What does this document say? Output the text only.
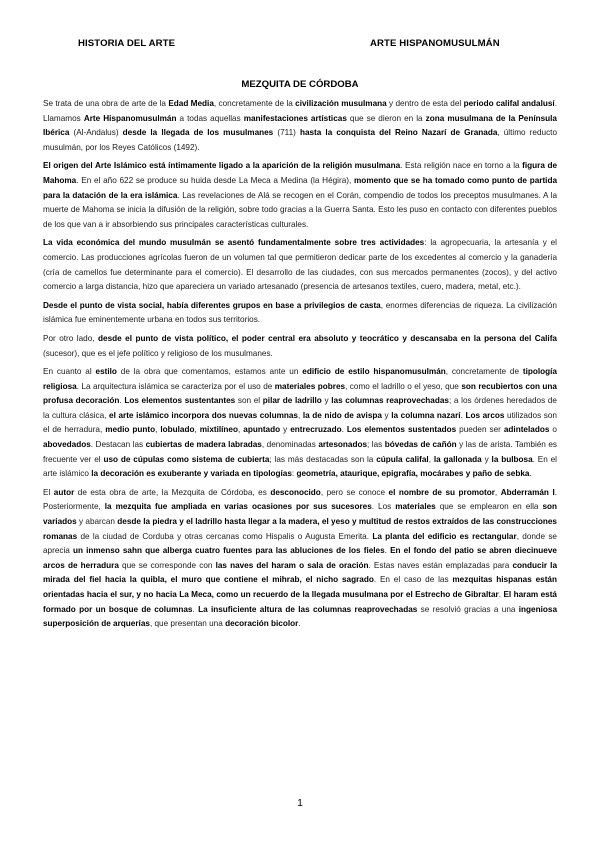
HISTORIA DEL ARTE	ARTE HISPANOMUSULMÁN
MEZQUITA DE CÓRDOBA

Se trata de una obra de arte de la Edad Media, concretamente de la civilización musulmana y dentro de esta del periodo califal andalusí. Llamamos Arte Hispanomusulmán a todas aquellas manifestaciones artísticas que se dieron en la zona musulmana de la Península Ibérica (Al-Andalus) desde la llegada de los musulmanes (711) hasta la conquista del Reino Nazarí de Granada, último reducto musulmán, por los Reyes Católicos (1492).

El origen del Arte Islámico está íntimamente ligado a la aparición de la religión musulmana. Esta religión nace en torno a la figura de Mahoma. En el año 622 se produce su huida desde La Meca a Medina (la Hégira), momento que se ha tomado como punto de partida para la datación de la era islámica. Las revelaciones de Alá se recogen en el Corán, compendio de todos los preceptos musulmanes. A la muerte de Mahoma se inicia la difusión de la religión, sobre todo gracias a la Guerra Santa. Esto les puso en contacto con diferentes pueblos de los que van a ir absorbiendo sus principales características culturales.

La vida económica del mundo musulmán se asentó fundamentalmente sobre tres actividades: la agropecuaria, la artesanía y el comercio. Las producciones agrícolas fueron de un volumen tal que permitieron dedicar parte de los excedentes al comercio y la ganadería (cría de camellos fue determinante para el comercio). El desarrollo de las ciudades, con sus mercados permanentes (zocos), y del activo comercio a larga distancia, hizo que apareciera un variado artesanado (presencia de artesanos textiles, cuero, madera, metal, etc.).

Desde el punto de vista social, había diferentes grupos en base a privilegios de casta, enormes diferencias de riqueza. La civilización islámica fue eminentemente urbana en todos sus territorios.

Por otro lado, desde el punto de vista político, el poder central era absoluto y teocrático y descansaba en la persona del Califa (sucesor), que es el jefe político y religioso de los musulmanes.

En cuanto al estilo de la obra que comentamos, estamos ante un edificio de estilo hispanomusulmán, concretamente de tipología religiosa. La arquitectura islámica se caracteriza por el uso de materiales pobres, como el ladrillo o el yeso, que son recubiertos con una profusa decoración. Los elementos sustentantes son el pilar de ladrillo y las columnas reaprovechadas; a los órdenes heredados de la cultura clásica, el arte islámico incorpora dos nuevas columnas, la de nido de avispa y la columna nazarí. Los arcos utilizados son el de herradura, medio punto, lobulado, mixtilíneo, apuntado y entrecruzado. Los elementos sustentados pueden ser adintelados o abovedados. Destacan las cubiertas de madera labradas, denominadas artesonados; las bóvedas de cañón y las de arista. También es frecuente ver el uso de cúpulas como sistema de cubierta; las más destacadas son la cúpula califal, la gallonada y la bulbosa. En el arte islámico la decoración es exuberante y variada en tipologías: geometría, ataurique, epigrafía, mocárabes y paño de sebka.

El autor de esta obra de arte, la Mezquita de Córdoba, es desconocido, pero se conoce el nombre de su promotor, Abderramán I. Posteriormente, la mezquita fue ampliada en varias ocasiones por sus sucesores. Los materiales que se emplearon en ella son variados y abarcan desde la piedra y el ladrillo hasta llegar a la madera, el yeso y multitud de restos extraídos de las construcciones romanas de la ciudad de Corduba y otras cercanas como Hispalis o Augusta Emerita. La planta del edificio es rectangular, donde se aprecia un inmenso sahn que alberga cuatro fuentes para las abluciones de los fieles. En el fondo del patio se abren diecinueve arcos de herradura que se corresponde con las naves del haram o sala de oración. Estas naves están emplazadas para conducir la mirada del fiel hacia la quibla, el muro que contiene el mihrab, el nicho sagrado. En el caso de las mezquitas hispanas están orientadas hacia el sur, y no hacia La Meca, como un recuerdo de la llegada musulmana por el Estrecho de Gibraltar. El haram está formado por un bosque de columnas. La insuficiente altura de las columnas reaprovechadas se resolvió gracias a una ingeniosa superposición de arquerías, que presentan una decoración bicolor.

1
